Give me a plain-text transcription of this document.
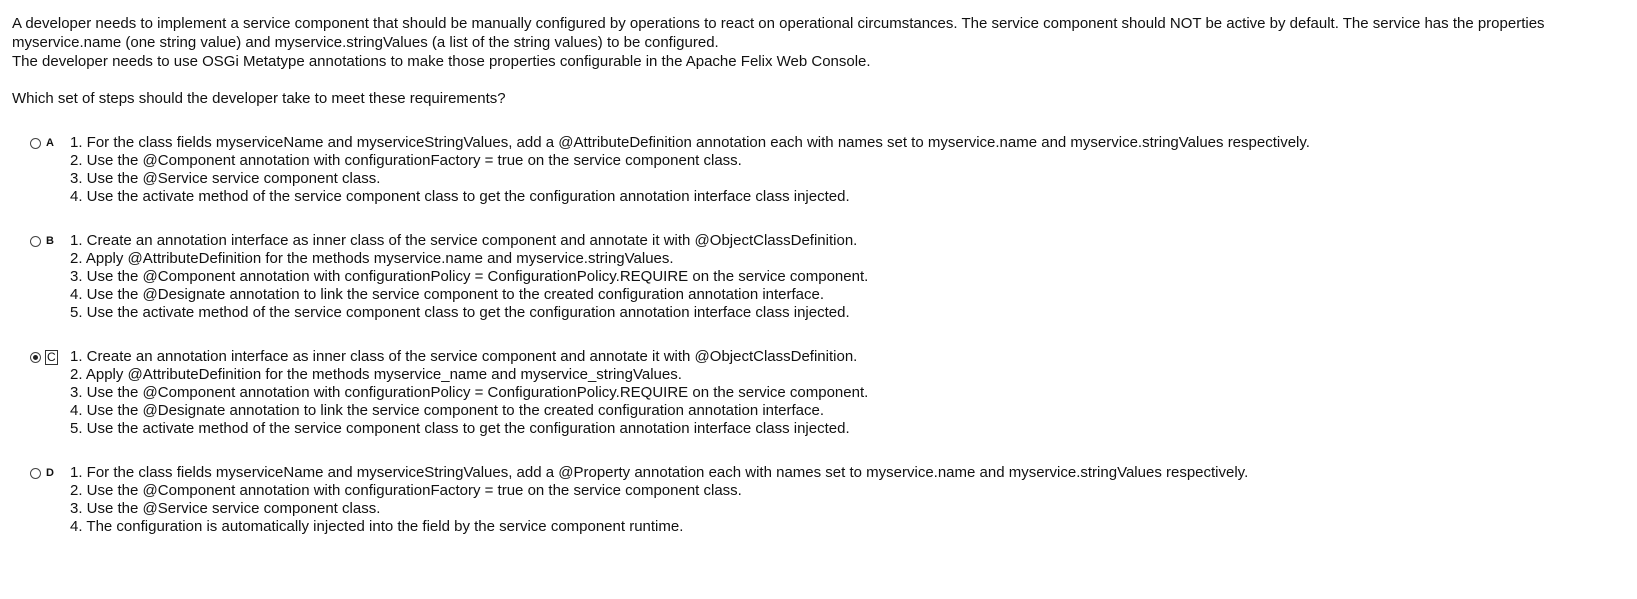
A developer needs to implement a service component that should be manually configured by operations to react on operational circumstances. The service component should NOT be active by default. The service has the properties
myservice.name (one string value) and myservice.stringValues (a list of the string values) to be configured.
The developer needs to use OSGi Metatype annotations to make those properties configurable in the Apache Felix Web Console.
Which set of steps should the developer take to meet these requirements?
A 1. For the class fields myserviceName and myserviceStringValues, add a @AttributeDefinition annotation each with names set to myservice.name and myservice.stringValues respectively.
2. Use the @Component annotation with configurationFactory = true on the service component class.
3. Use the @Service service component class.
4. Use the activate method of the service component class to get the configuration annotation interface class injected.
B 1. Create an annotation interface as inner class of the service component and annotate it with @ObjectClassDefinition.
2. Apply @AttributeDefinition for the methods myservice.name and myservice.stringValues.
3. Use the @Component annotation with configurationPolicy = ConfigurationPolicy.REQUIRE on the service component.
4. Use the @Designate annotation to link the service component to the created configuration annotation interface.
5. Use the activate method of the service component class to get the configuration annotation interface class injected.
C 1. Create an annotation interface as inner class of the service component and annotate it with @ObjectClassDefinition.
2. Apply @AttributeDefinition for the methods myservice_name and myservice_stringValues.
3. Use the @Component annotation with configurationPolicy = ConfigurationPolicy.REQUIRE on the service component.
4. Use the @Designate annotation to link the service component to the created configuration annotation interface.
5. Use the activate method of the service component class to get the configuration annotation interface class injected.
D 1. For the class fields myserviceName and myserviceStringValues, add a @Property annotation each with names set to myservice.name and myservice.stringValues respectively.
2. Use the @Component annotation with configurationFactory = true on the service component class.
3. Use the @Service service component class.
4. The configuration is automatically injected into the field by the service component runtime.
